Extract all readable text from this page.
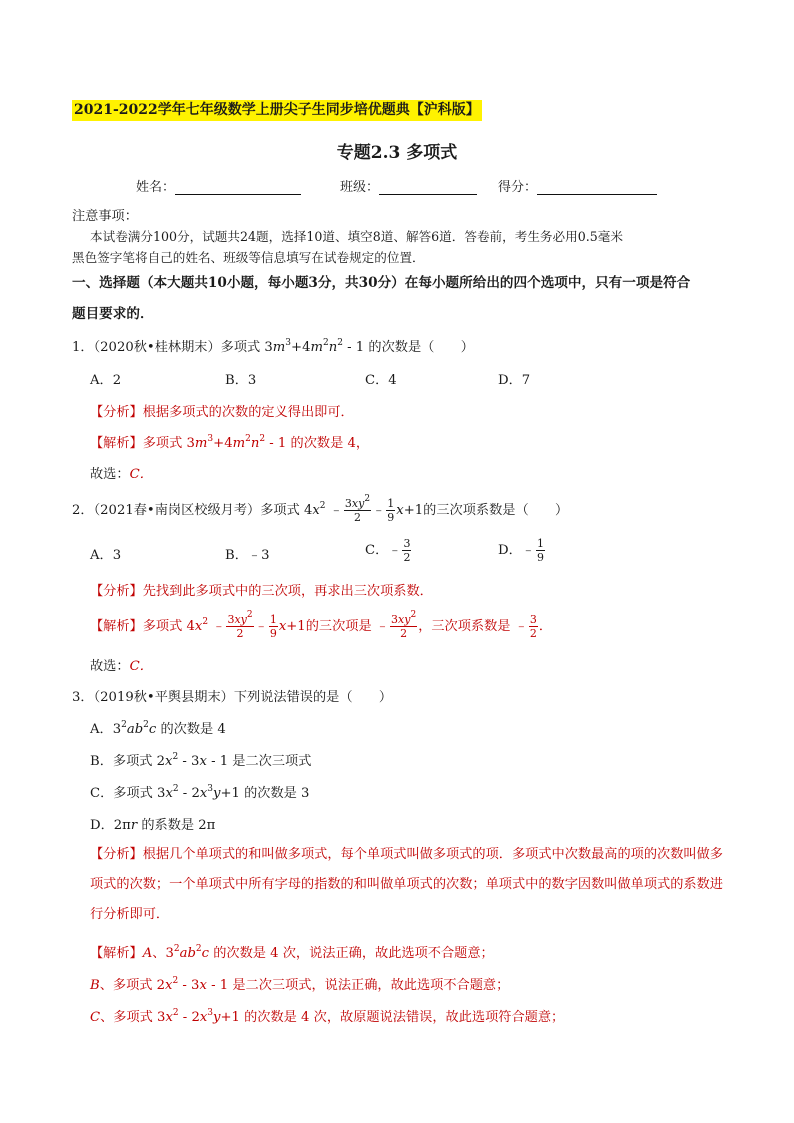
2021-2022学年七年级数学上册尖子生同步培优题典【沪科版】
专题2.3 多项式
姓名：	班级：	得分：
注意事项：
本试卷满分100分，试题共24题，选择10道、填空8道、解答6道．答卷前，考生务必用0.5毫米
黑色签字笔将自己的姓名、班级等信息填写在试卷规定的位置．
一、选择题（本大题共10小题，每小题3分，共30分）在每小题所给出的四个选项中，只有一项是符合
题目要求的．
1．（2020秋•桂林期末）多项式 $3m^3+4m^2n^2 - 1$ 的次数是（　　）
A．2	B．3	C．4	D．7
【分析】根据多项式的次数的定义得出即可．
【解析】多项式 $3m^3+4m^2n^2 - 1$ 的次数是 4，
故选：C．
2．（2021春•南岗区校级月考）多项式 $4x^2$ ﹣ $\frac{3xy^2}{2}$ ﹣ $\frac{1}{9} x+1$的三次项系数是（　　）
A．3	B．﹣3	C．﹣ $\frac{3}{2}$	D．﹣ $\frac{1}{9}$
【分析】先找到此多项式中的三次项，再求出三次项系数．
【解析】多项式 $4x^2$ ﹣ $\frac{3xy^2}{2}$ ﹣ $\frac{1}{9} x+1$的三次项是 ﹣ $\frac{3xy^2}{2}$ ，三次项系数是 ﹣ $\frac{3}{2}$ ．
故选：C．
3．（2019秋•平舆县期末）下列说法错误的是（　　）
A．$3^2ab^2c$ 的次数是 4
B．多项式 $2x^2 - 3x - 1$ 是二次三项式
C．多项式 $3x^2 - 2x^3y+1$ 的次数是 3
D．2πr 的系数是 2π
【分析】根据几个单项式的和叫做多项式，每个单项式叫做多项式的项．多项式中次数最高的项的次数叫做多项式的次数；一个单项式中所有字母的指数的和叫做单项式的次数；单项式中的数字因数叫做单项式的系数进行分析即可．
【解析】A、$3^2ab^2c$ 的次数是 4 次，说法正确，故此选项不合题意；
B、多项式 $2x^2 - 3x - 1$ 是二次三项式，说法正确，故此选项不合题意；
C、多项式 $3x^2 - 2x^3y+1$ 的次数是 4 次，故原题说法错误，故此选项符合题意；
